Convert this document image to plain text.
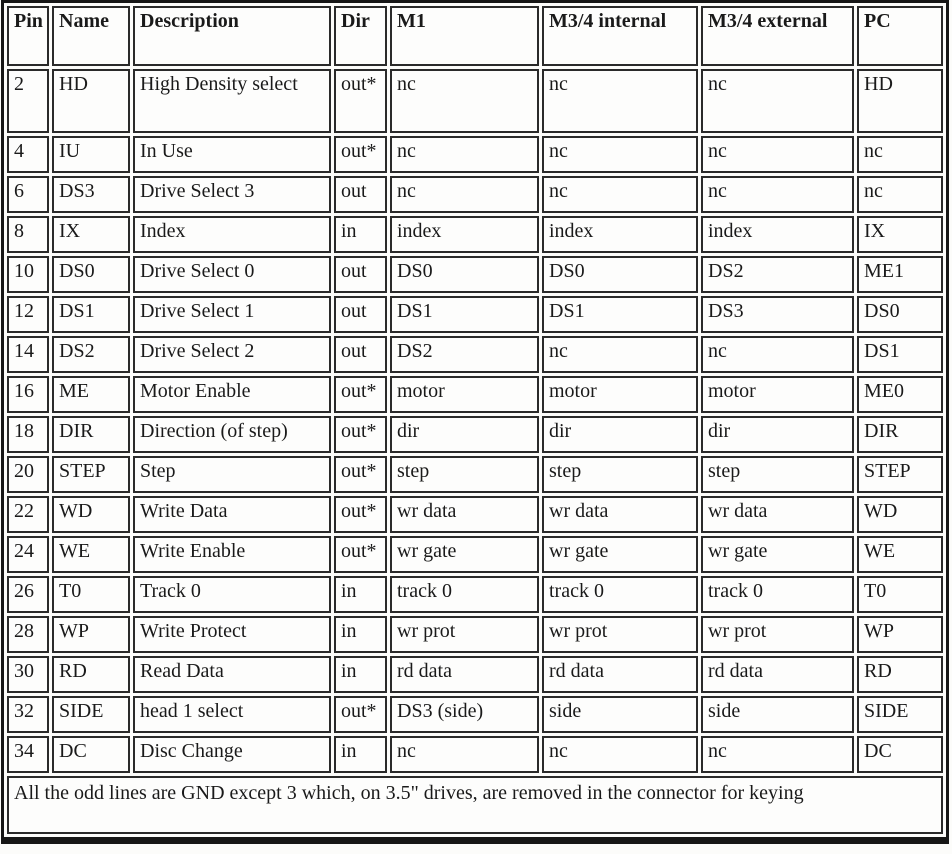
Pin	Name	Description	Dir	M1	M3/4 internal	M3/4 external	PC
2	HD	High Density select	out*	nc	nc	nc	HD
4	IU	In Use	out*	nc	nc	nc	nc
6	DS3	Drive Select 3	out	nc	nc	nc	nc
8	IX	Index	in	index	index	index	IX
10	DS0	Drive Select 0	out	DS0	DS0	DS2	ME1
12	DS1	Drive Select 1	out	DS1	DS1	DS3	DS0
14	DS2	Drive Select 2	out	DS2	nc	nc	DS1
16	ME	Motor Enable	out*	motor	motor	motor	ME0
18	DIR	Direction (of step)	out*	dir	dir	dir	DIR
20	STEP	Step	out*	step	step	step	STEP
22	WD	Write Data	out*	wr data	wr data	wr data	WD
24	WE	Write Enable	out*	wr gate	wr gate	wr gate	WE
26	T0	Track 0	in	track 0	track 0	track 0	T0
28	WP	Write Protect	in	wr prot	wr prot	wr prot	WP
30	RD	Read Data	in	rd data	rd data	rd data	RD
32	SIDE	head 1 select	out*	DS3 (side)	side	side	SIDE
34	DC	Disc Change	in	nc	nc	nc	DC

All the odd lines are GND except 3 which, on 3.5" drives, are removed in the connector for keying							
